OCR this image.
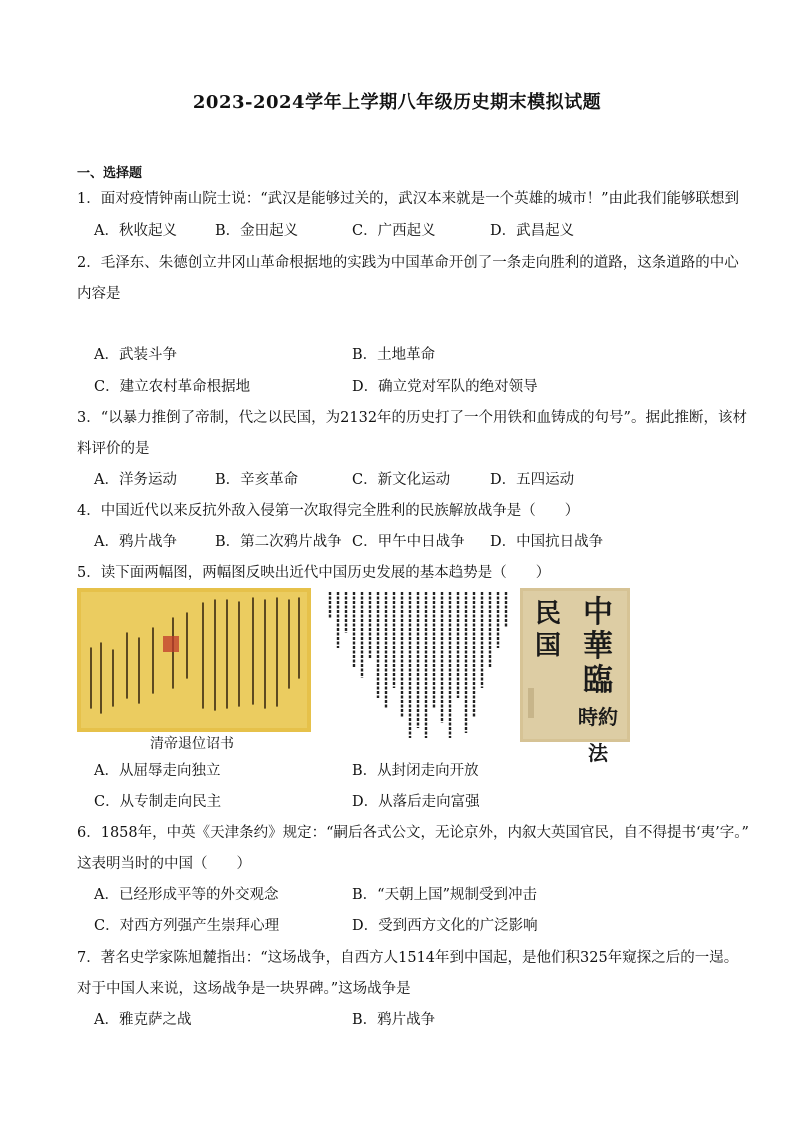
2023-2024学年上学期八年级历史期末模拟试题
一、选择题
1．面对疫情钟南山院士说：“武汉是能够过关的，武汉本来就是一个英雄的城市！”由此我们能够联想到
A．秋收起义	B．金田起义	C．广西起义	D．武昌起义
2．毛泽东、朱德创立井冈山革命根据地的实践为中国革命开创了一条走向胜利的道路，这条道路的中心
内容是
A．武装斗争	B．土地革命
C．建立农村革命根据地	D．确立党对军队的绝对领导
3．“以暴力推倒了帝制，代之以民国，为2132年的历史打了一个用铁和血铸成的句号”。据此推断，该材
料评价的是
A．洋务运动	B．辛亥革命	C．新文化运动	D．五四运动
4．中国近代以来反抗外敌入侵第一次取得完全胜利的民族解放战争是（　　）
A．鸦片战争	B．第二次鸦片战争 C．甲午中日战争 D．中国抗日战争
5．读下面两幅图，两幅图反映出近代中国历史发展的基本趋势是（　　）
清帝退位诏书
中
華
臨
時約法
民
国
A．从屈辱走向独立	B．从封闭走向开放
C．从专制走向民主	D．从落后走向富强
6．1858年，中英《天津条约》规定：“嗣后各式公文，无论京外，内叙大英国官民，自不得提书‘夷’字。”
这表明当时的中国（　　）
A．已经形成平等的外交观念	B．“天朝上国”规制受到冲击
C．对西方列强产生崇拜心理	D．受到西方文化的广泛影响
7．著名史学家陈旭麓指出：“这场战争，自西方人1514年到中国起，是他们积325年窥探之后的一逞。
对于中国人来说，这场战争是一块界碑。”这场战争是
A．雅克萨之战	B．鸦片战争
